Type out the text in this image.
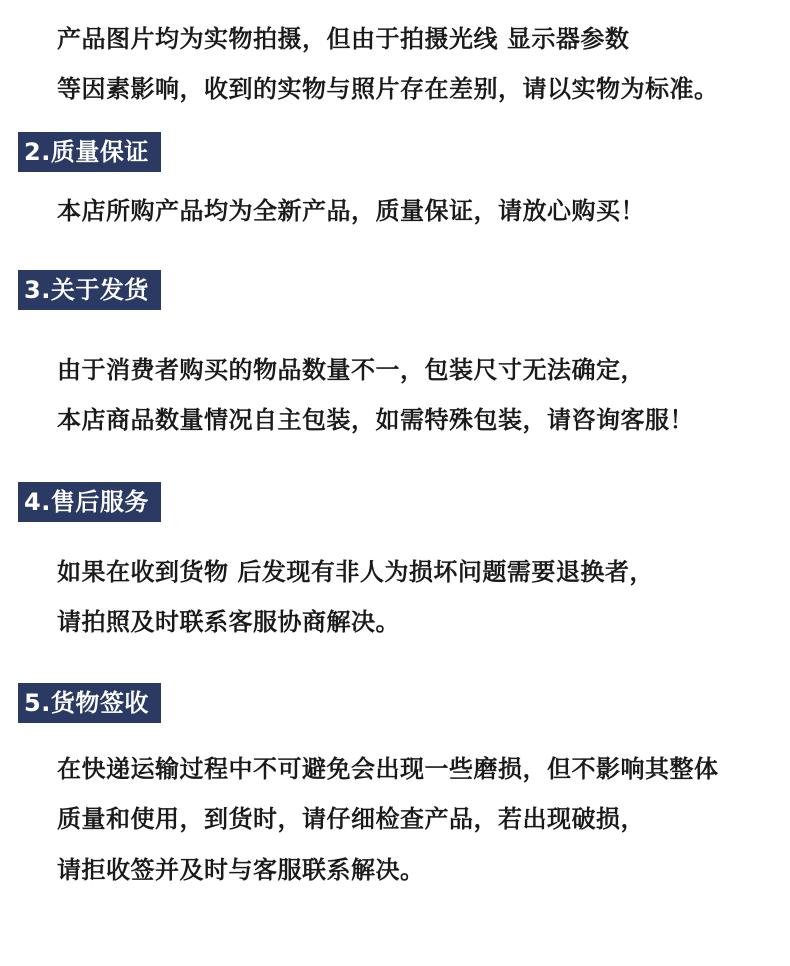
产品图片均为实物拍摄，但由于拍摄光线 显示器参数
等因素影响，收到的实物与照片存在差别，请以实物为标准。
2.质量保证
本店所购产品均为全新产品，质量保证，请放心购买！
3.关于发货
由于消费者购买的物品数量不一，包装尺寸无法确定，
本店商品数量情况自主包装，如需特殊包装，请咨询客服！
4.售后服务
如果在收到货物 后发现有非人为损坏问题需要退换者，
请拍照及时联系客服协商解决。
5.货物签收
在快递运输过程中不可避免会出现一些磨损，但不影响其整体
质量和使用，到货时，请仔细检查产品，若出现破损，
请拒收签并及时与客服联系解决。
